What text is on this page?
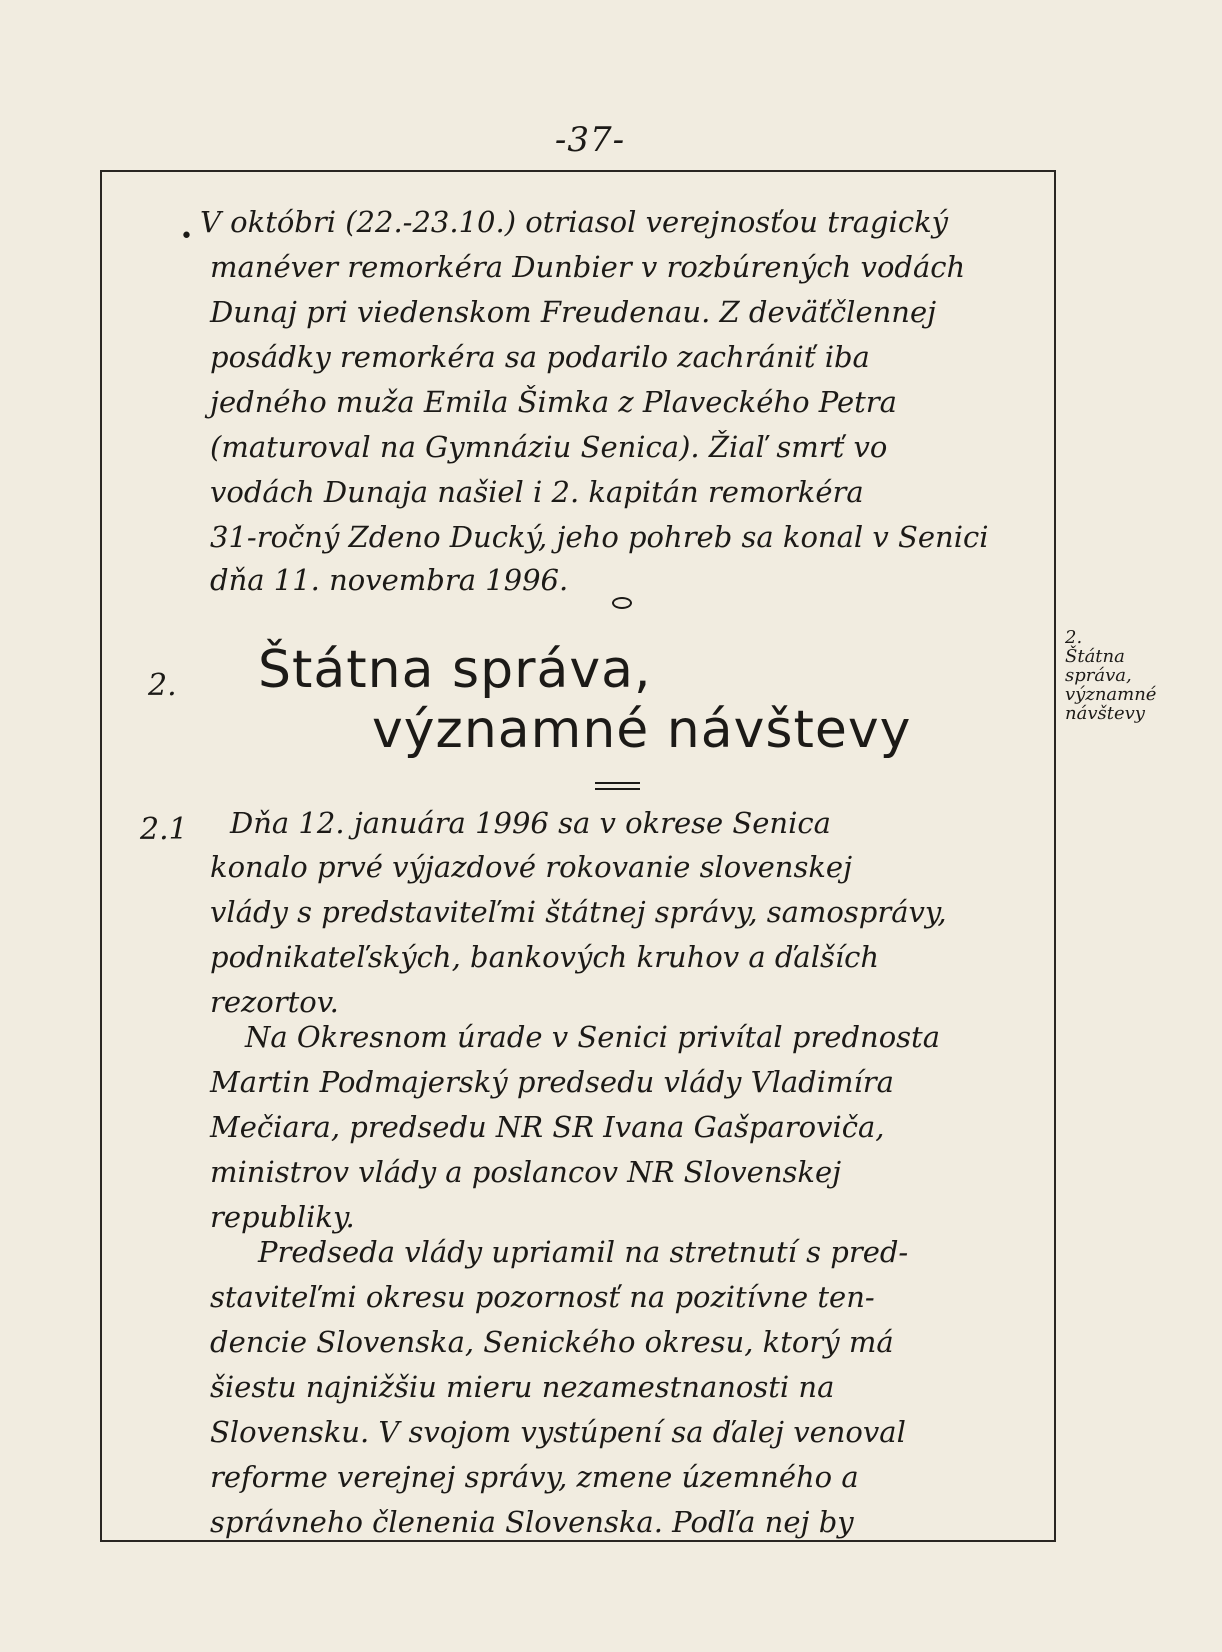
-37-
• V októbri (22.-23.10.) otriasol verejnosťou tragický
manéver remorkéra Dunbier v rozbúrených vodách
Dunaj pri viedenskom Freudenau. Z deväťčlennej
posádky remorkéra sa podarilo zachrániť iba
jedného muža Emila Šimka z Plaveckého Petra
(maturoval na Gymnáziu Senica). Žiaľ smrť vo
vodách Dunaja našiel i 2. kapitán remorkéra
31-ročný Zdeno Ducký, jeho pohreb sa konal v Senici
dňa 11. novembra 1996.
2. Štátna správa,
významné návštevy
2.
Štátna
správa,
významné
návštevy
2.1 Dňa 12. januára 1996 sa v okrese Senica
konalo prvé výjazdové rokovanie slovenskej
vlády s predstaviteľmi štátnej správy, samosprávy,
podnikateľských, bankových kruhov a ďalších
rezortov.
Na Okresnom úrade v Senici privítal prednosta
Martin Podmajerský predsedu vlády Vladimíra
Mečiara, predsedu NR SR Ivana Gašparoviča,
ministrov vlády a poslancov NR Slovenskej
republiky.
Predseda vlády upriamil na stretnutí s pred-
staviteľmi okresu pozornosť na pozitívne ten-
dencie Slovenska, Senického okresu, ktorý má
šiestu najnižšiu mieru nezamestnanosti na
Slovensku. V svojom vystúpení sa ďalej venoval
reforme verejnej správy, zmene územného a
správneho členenia Slovenska. Podľa nej by
